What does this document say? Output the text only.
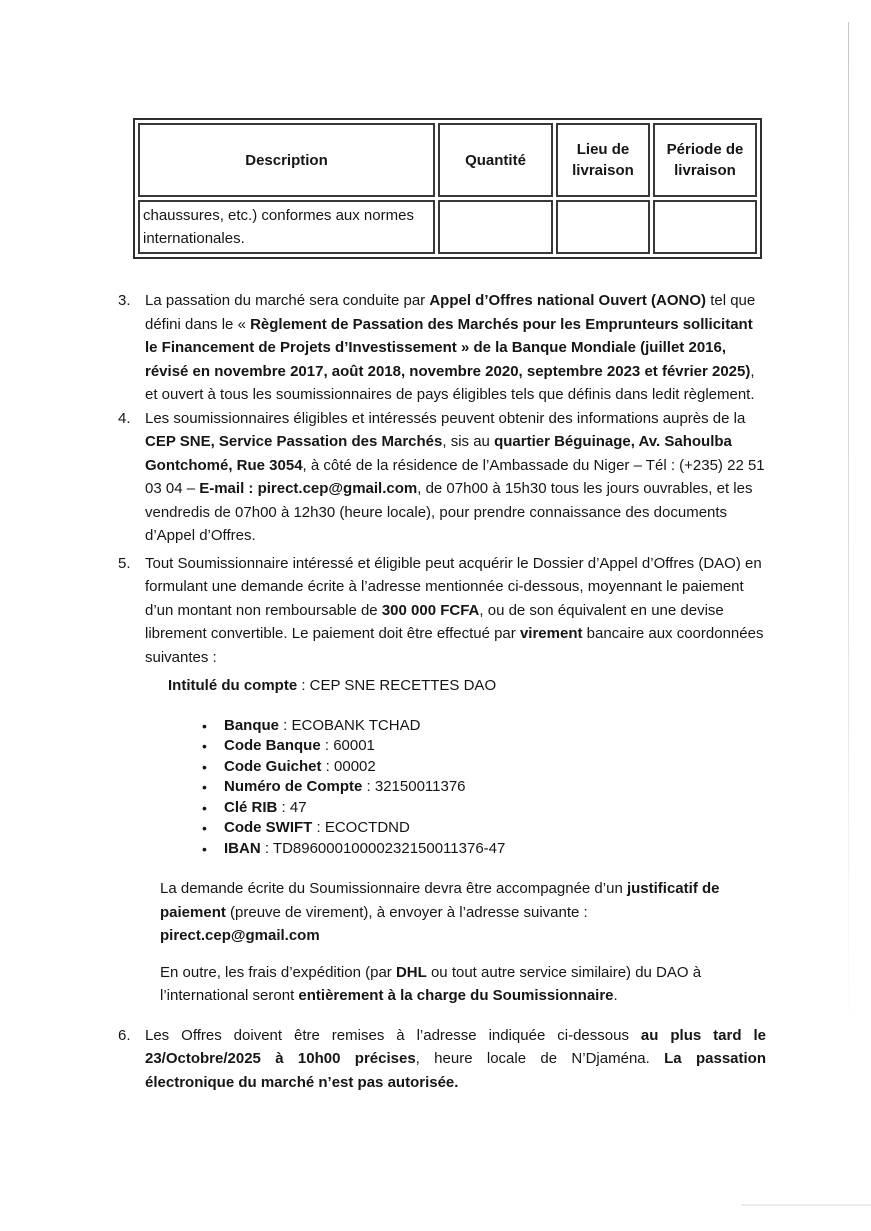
Description	Quantité	Lieu de livraison	Période de livraison
chaussures, etc.) conformes aux normes internationales.			
3. La passation du marché sera conduite par Appel d’Offres national Ouvert (AONO) tel que défini dans le « Règlement de Passation des Marchés pour les Emprunteurs sollicitant le Financement de Projets d’Investissement » de la Banque Mondiale (juillet 2016, révisé en novembre 2017, août 2018, novembre 2020, septembre 2023 et février 2025), et ouvert à tous les soumissionnaires de pays éligibles tels que définis dans ledit règlement.
4. Les soumissionnaires éligibles et intéressés peuvent obtenir des informations auprès de la CEP SNE, Service Passation des Marchés, sis au quartier Béguinage, Av. Sahoulba Gontchomé, Rue 3054, à côté de la résidence de l’Ambassade du Niger – Tél : (+235) 22 51 03 04 – E-mail : pirect.cep@gmail.com, de 07h00 à 15h30 tous les jours ouvrables, et les vendredis de 07h00 à 12h30 (heure locale), pour prendre connaissance des documents d’Appel d’Offres.
5. Tout Soumissionnaire intéressé et éligible peut acquérir le Dossier d’Appel d’Offres (DAO) en formulant une demande écrite à l’adresse mentionnée ci-dessous, moyennant le paiement d’un montant non remboursable de 300 000 FCFA, ou de son équivalent en une devise librement convertible. Le paiement doit être effectué par virement bancaire aux coordonnées suivantes :
Intitulé du compte : CEP SNE RECETTES DAO
•	Banque : ECOBANK TCHAD
•	Code Banque : 60001
•	Code Guichet : 00002
•	Numéro de Compte : 32150011376
•	Clé RIB : 47
•	Code SWIFT : ECOCTDND
•	IBAN : TD89600010000232150011376-47
La demande écrite du Soumissionnaire devra être accompagnée d’un justificatif de paiement (preuve de virement), à envoyer à l’adresse suivante :
pirect.cep@gmail.com
En outre, les frais d’expédition (par DHL ou tout autre service similaire) du DAO à l’international seront entièrement à la charge du Soumissionnaire.
6. Les Offres doivent être remises à l’adresse indiquée ci-dessous au plus tard le 23/Octobre/2025 à 10h00 précises, heure locale de N’Djaména. La passation électronique du marché n’est pas autorisée.
